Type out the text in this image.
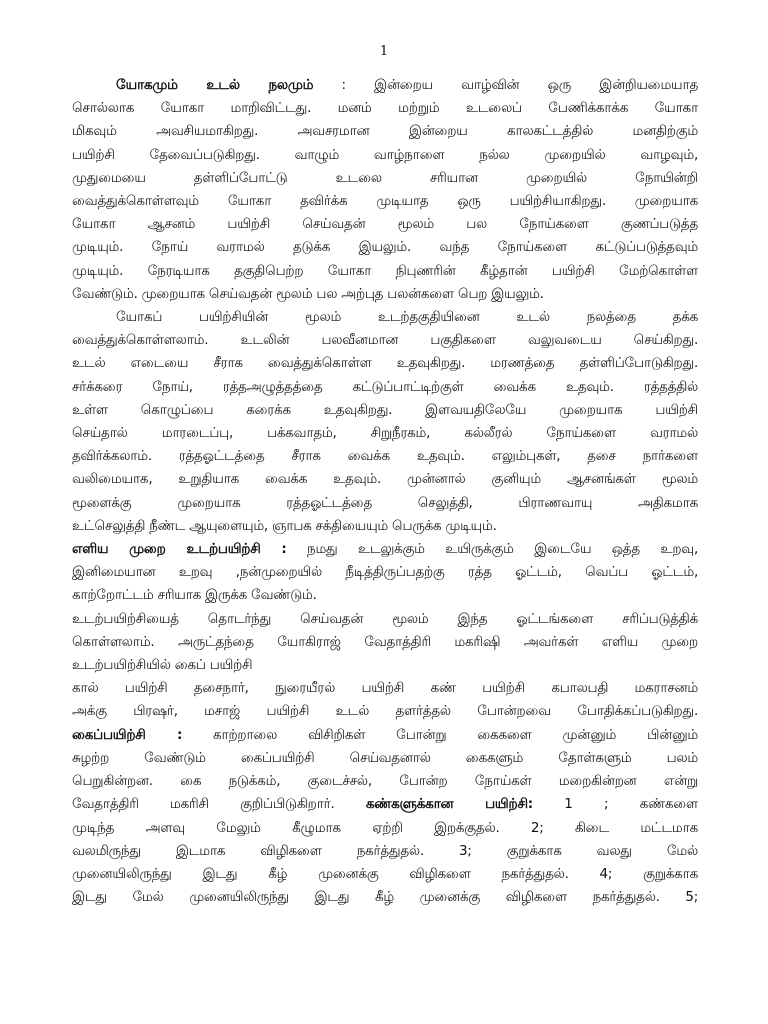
1
யோகமும் உடல் நலமும் : இன்றைய வாழ்வின் ஒரு இன்றியமையாத
சொல்லாக யோகா மாறிவிட்டது. மனம் மற்றும் உடலைப் பேணிக்காக்க யோகா
மிகவும் அவசியமாகிறது. அவசரமான இன்றைய காலகட்டத்தில் மனதிற்கும்
பயிற்சி தேவைப்படுகிறது. வாழும் வாழ்நாளை நல்ல முறையில் வாழவும்,
முதுமையை தள்ளிப்போட்டு உடலை சரியான முறையில் நோயின்றி
வைத்துக்கொள்ளவும் யோகா தவிர்க்க முடியாத ஒரு பயிற்சியாகிறது. முறையாக
யோகா ஆசனம் பயிற்சி செய்வதன் மூலம் பல நோய்களை குணப்படுத்த
முடியும். நோய் வராமல் தடுக்க இயலும். வந்த நோய்களை கட்டுப்படுத்தவும்
முடியும். நேரடியாக தகுதிபெற்ற யோகா நிபுணரின் கீழ்தான் பயிற்சி மேற்கொள்ள
வேண்டும். முறையாக செய்வதன் மூலம் பல அற்புத பலன்களை பெற இயலும்.
யோகப் பயிற்சியின் மூலம் உடற்தகுதியினை உடல் நலத்தை தக்க
வைத்துக்கொள்ளலாம். உடலின் பலவீனமான பகுதிகளை வலுவடைய செய்கிறது.
உடல் எடையை சீராக வைத்துக்கொள்ள உதவுகிறது. மரணத்தை தள்ளிப்போடுகிறது.
சர்க்கரை நோய், ரத்தஅழுத்தத்தை கட்டுப்பாட்டிற்குள் வைக்க உதவும். ரத்தத்தில்
உள்ள கொழுப்பை கரைக்க உதவுகிறது. இளவயதிலேயே முறையாக பயிற்சி
செய்தால் மாரடைப்பு, பக்கவாதம், சிறுநீரகம், கல்லீரல் நோய்களை வராமல்
தவிர்க்கலாம். ரத்தஓட்டத்தை சீராக வைக்க உதவும். எலும்புகள், தசை நார்களை
வலிமையாக, உறுதியாக வைக்க உதவும். முன்னால் குனியும் ஆசனங்கள் மூலம்
மூளைக்கு முறையாக ரத்தஓட்டத்தை செலுத்தி, பிராணவாயு அதிகமாக
உட்செலுத்தி நீண்ட ஆயுளையும், ஞாபக சக்தியையும் பெருக்க முடியும்.
எளிய முறை உடற்பயிற்சி : நமது உடலுக்கும் உயிருக்கும் இடையே ஒத்த உறவு,
இனிமையான உறவு ,நன்முறையில் நீடித்திருப்பதற்கு ரத்த ஓட்டம், வெப்ப ஓட்டம்,
காற்றோட்டம் சரியாக இருக்க வேண்டும்.
உடற்பயிற்சியைத் தொடர்ந்து செய்வதன் மூலம் இந்த ஓட்டங்களை சரிப்படுத்திக்
கொள்ளலாம். அருட்தந்தை யோகிராஜ் வேதாத்திரி மகரிஷி அவர்கள் எளிய முறை
உடற்பயிற்சியில் கைப் பயிற்சி
கால் பயிற்சி தசைநார், நுரையீரல் பயிற்சி கண் பயிற்சி கபாலபதி மகராசனம்
அக்கு பிரஷர், மசாஜ் பயிற்சி உடல் தளர்த்தல் போன்றவை போதிக்கப்படுகிறது.
கைப்பயிற்சி : காற்றாலை விசிறிகள் போன்று கைகளை முன்னும் பின்னும்
சுழற்ற வேண்டும் கைப்பயிற்சி செய்வதனால் கைகளும் தோள்களும் பலம்
பெறுகின்றன. கை நடுக்கம், குடைச்சல், போன்ற நோய்கள் மறைகின்றன என்று
வேதாத்திரி மகரிசி குறிப்பிடுகிறார். கண்களுக்கான பயிற்சி: 1 ; கண்களை
முடிந்த அளவு மேலும் கீழுமாக ஏற்றி இறக்குதல். 2; கிடை மட்டமாக
வலமிருந்து இடமாக விழிகளை நகர்த்துதல். 3; குறுக்காக வலது மேல்
முனையிலிருந்து இடது கீழ் முனைக்கு விழிகளை நகர்த்துதல். 4; குறுக்காக
இடது மேல் முனையிலிருந்து இடது கீழ் முனைக்கு விழிகளை நகர்த்துதல். 5;
